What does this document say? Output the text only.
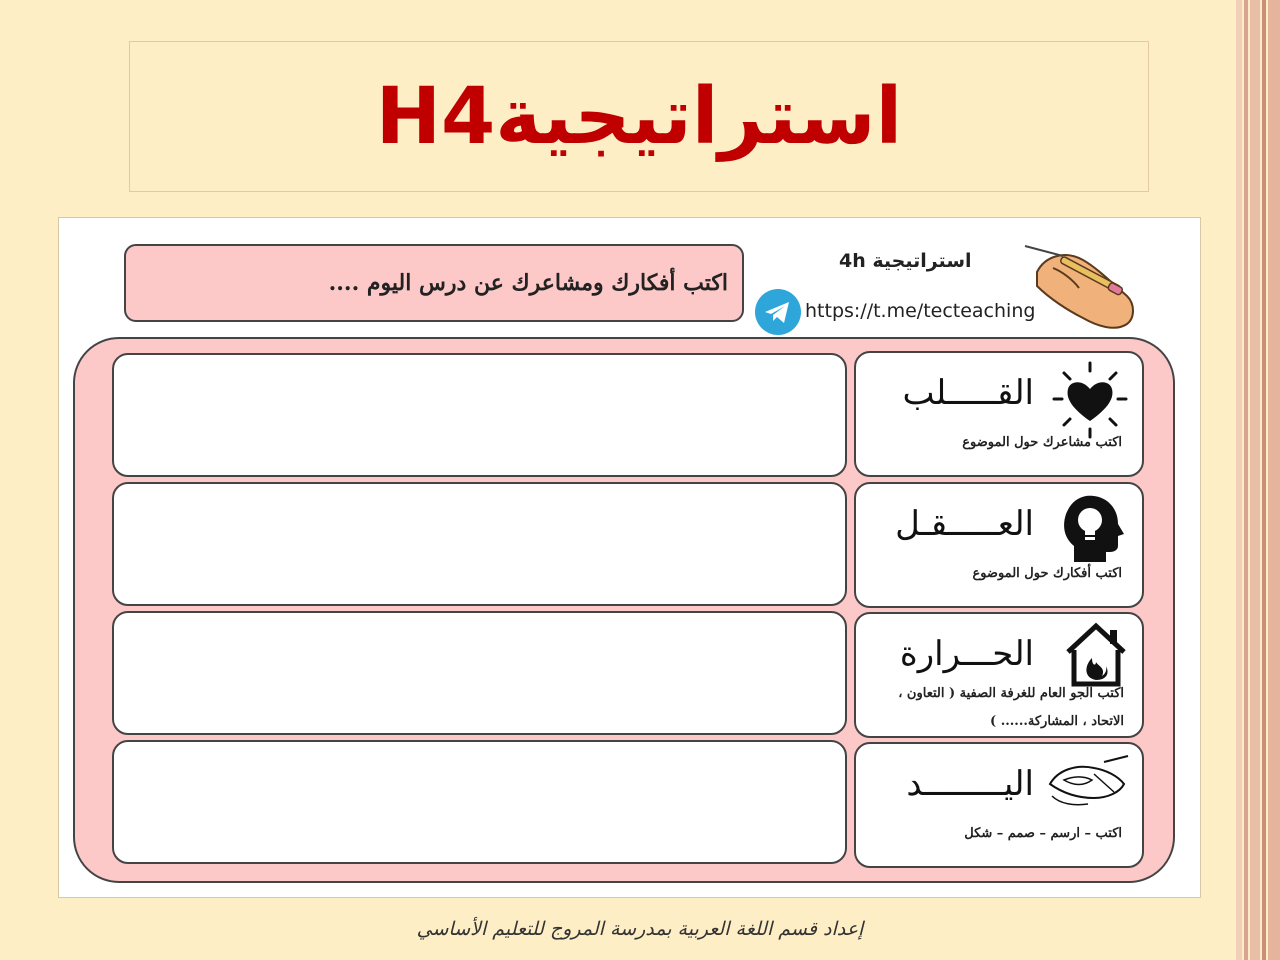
استراتيجيةH4
اكتب أفكارك ومشاعرك عن درس اليوم ....
استراتيجية 4h
https://t.me/tecteaching
القـــــلب
اكتب مشاعرك حول الموضوع
العـــــقـل
اكتب أفكارك حول الموضوع
الحـــرارة
اكتب الجو العام للغرفة الصفية ( التعاون ، الاتحاد ، المشاركة...... )
اليــــــــد
اكتب – ارسم – صمم – شكل
إعداد قسم اللغة العربية بمدرسة المروج للتعليم الأساسي
